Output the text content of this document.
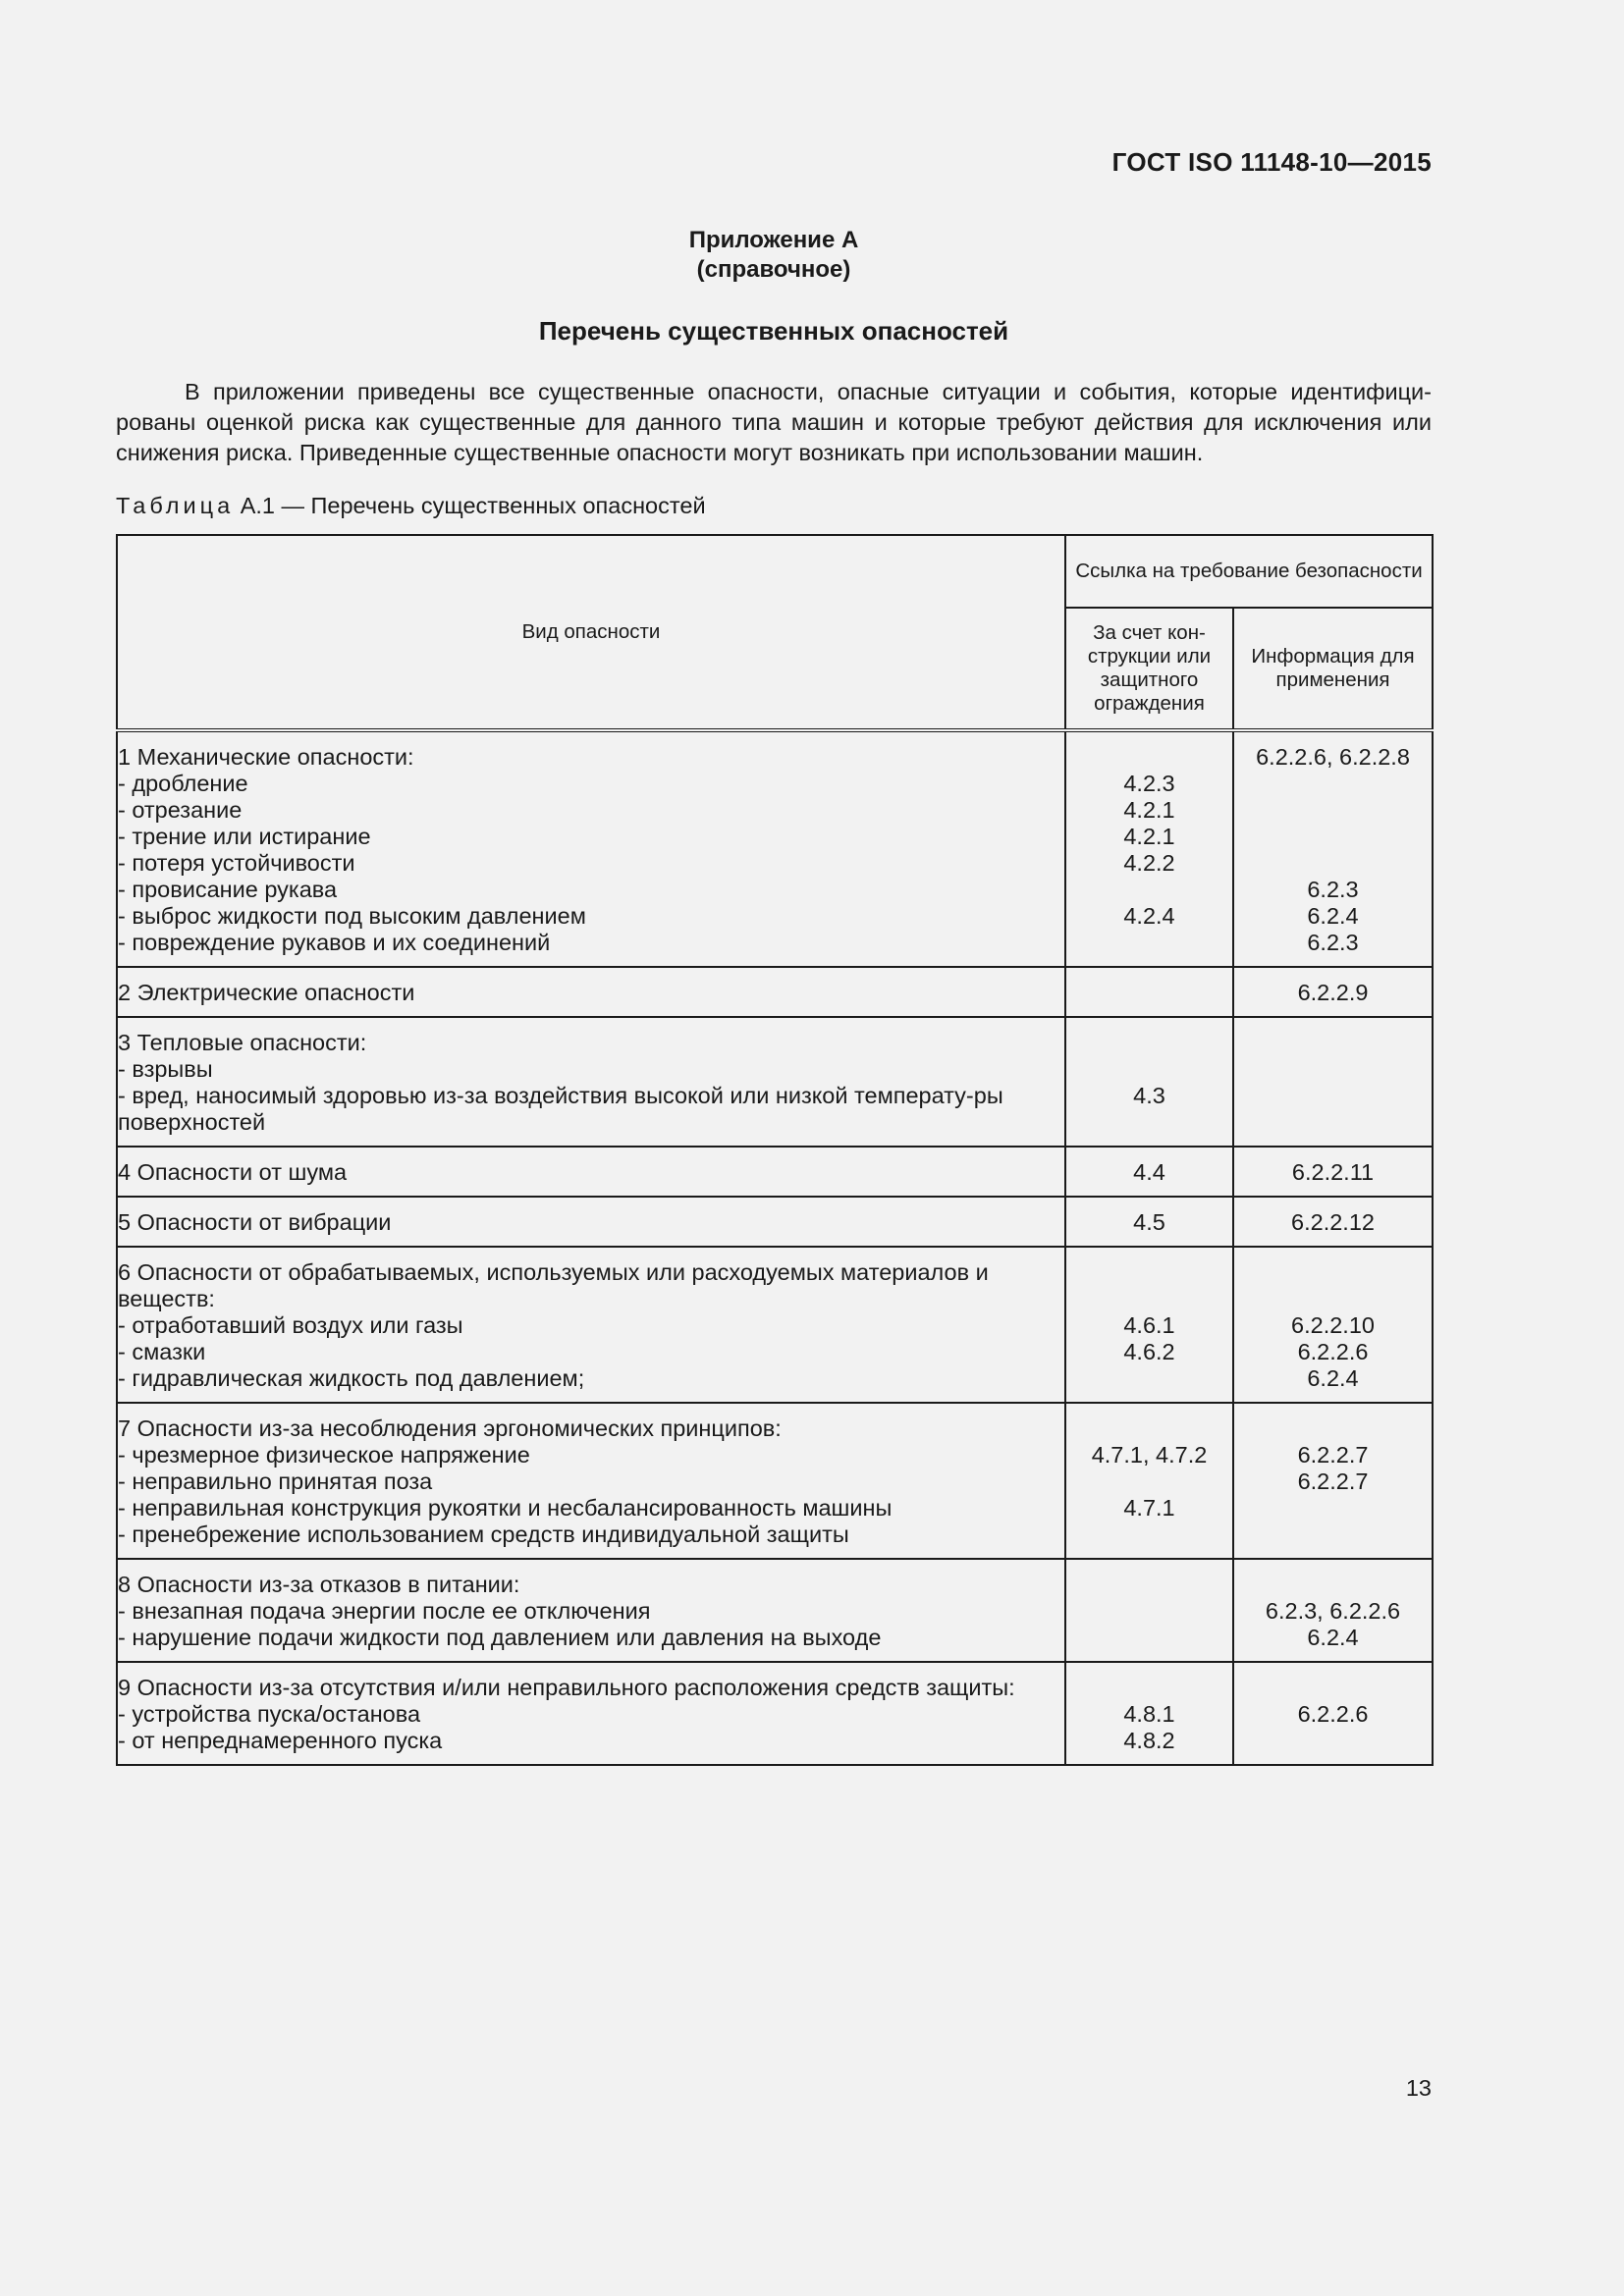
ГОСТ ISO 11148-10—2015
Приложение А
(справочное)
Перечень существенных опасностей

В приложении приведены все существенные опасности, опасные ситуации и события, которые идентифици-рованы оценкой риска как существенные для данного типа машин и которые требуют действия для исключения или снижения риска. Приведенные существенные опасности могут возникать при использовании машин.

Таблица А.1 — Перечень существенных опасностей
Вид опасности	Ссылка на требование безопасности	
	За счет кон-струкции или защитного ограждения	Информация для применения
1 Механические опасности:		6.2.2.6, 6.2.2.8
- дробление	4.2.3	
- отрезание	4.2.1	
- трение или истирание	4.2.1	
- потеря устойчивости	4.2.2	
- провисание рукава		6.2.3
- выброс жидкости под высоким давлением	4.2.4	6.2.4
- повреждение рукавов и их соединений		6.2.3
2 Электрические опасности		6.2.2.9
3 Тепловые опасности:		
- взрывы		
- вред, наносимый здоровью из-за воздействия высокой или низкой температу-ры поверхностей	4.3	
4 Опасности от шума	4.4	6.2.2.11
5 Опасности от вибрации	4.5	6.2.2.12
6 Опасности от обрабатываемых, используемых или расходуемых материалов и веществ:		
- отработавший воздух или газы	4.6.1	6.2.2.10
- смазки	4.6.2	6.2.2.6
- гидравлическая жидкость под давлением;		6.2.4
7 Опасности из-за несоблюдения эргономических принципов:		
- чрезмерное физическое напряжение	4.7.1, 4.7.2	6.2.2.7
- неправильно принятая поза		6.2.2.7
- неправильная конструкция рукоятки и несбалансированность машины	4.7.1	
- пренебрежение использованием средств индивидуальной защиты		
8 Опасности из-за отказов в питании:		
- внезапная подача энергии после ее отключения		6.2.3, 6.2.2.6
- нарушение подачи жидкости под давлением или давления на выходе		6.2.4
9 Опасности из-за отсутствия и/или неправильного расположения средств защиты:		
- устройства пуска/останова	4.8.1	6.2.2.6
- от непреднамеренного пуска	4.8.2	
13
